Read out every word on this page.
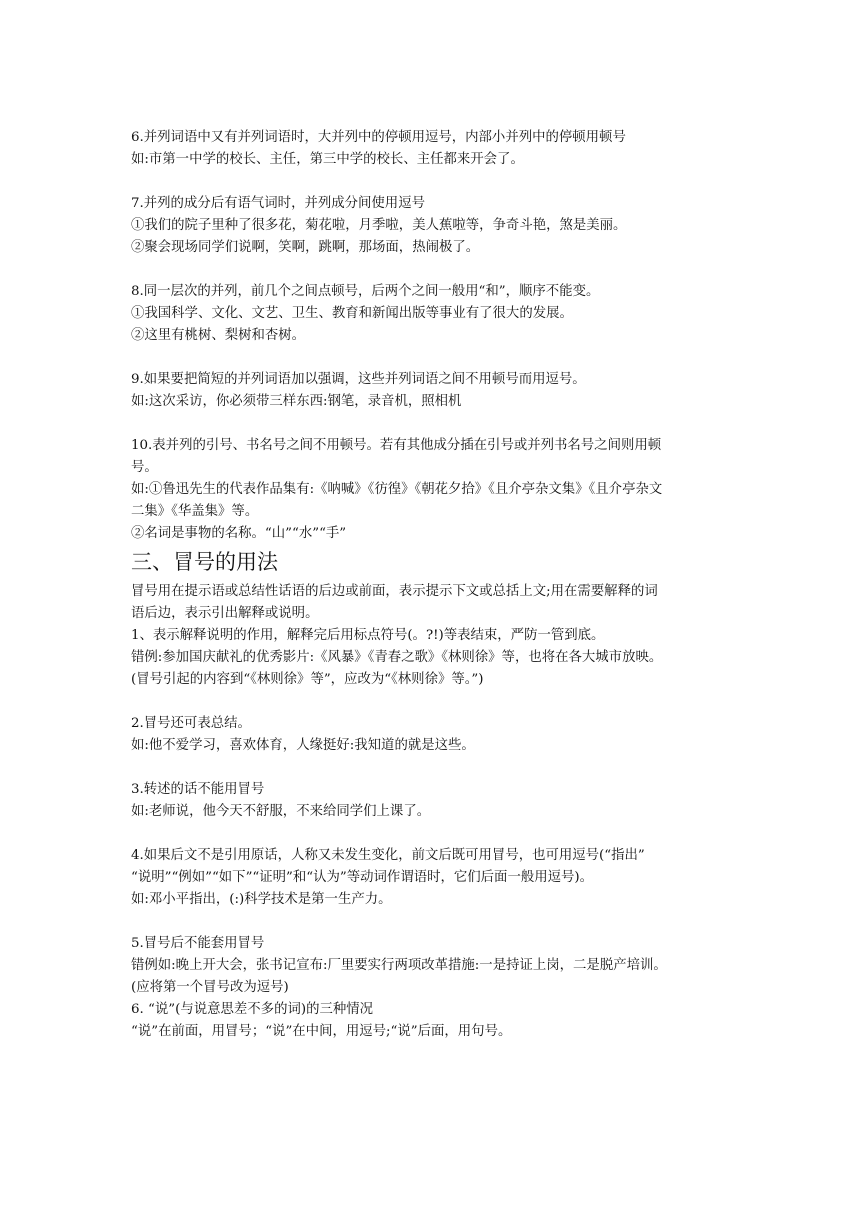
6.并列词语中又有并列词语时，大并列中的停顿用逗号，内部小并列中的停顿用顿号
如:市第一中学的校长、主任，第三中学的校长、主任都来开会了。
7.并列的成分后有语气词时，并列成分间使用逗号
①我们的院子里种了很多花，菊花啦，月季啦，美人蕉啦等，争奇斗艳，煞是美丽。
②聚会现场同学们说啊，笑啊，跳啊，那场面，热闹极了。
8.同一层次的并列，前几个之间点顿号，后两个之间一般用“和”，顺序不能变。
①我国科学、文化、文艺、卫生、教育和新闻出版等事业有了很大的发展。
②这里有桃树、梨树和杏树。
9.如果要把简短的并列词语加以强调，这些并列词语之间不用顿号而用逗号。
如:这次采访，你必须带三样东西:钢笔，录音机，照相机
10.表并列的引号、书名号之间不用顿号。若有其他成分插在引号或并列书名号之间则用顿
号。
如:①鲁迅先生的代表作品集有:《呐喊》《彷徨》《朝花夕拾》《且介亭杂文集》《且介亭杂文
二集》《华盖集》等。
②名词是事物的名称。“山”“水”“手”
三、冒号的用法
冒号用在提示语或总结性话语的后边或前面，表示提示下文或总括上文;用在需要解释的词
语后边，表示引出解释或说明。
1、表示解释说明的作用，解释完后用标点符号(。?!)等表结束，严防一管到底。
错例:参加国庆献礼的优秀影片:《风暴》《青春之歌》《林则徐》等，也将在各大城市放映。
(冒号引起的内容到“《林则徐》等”，应改为“《林则徐》等。”)
2.冒号还可表总结。
如:他不爱学习，喜欢体育，人缘挺好:我知道的就是这些。
3.转述的话不能用冒号
如:老师说，他今天不舒服，不来给同学们上课了。
4.如果后文不是引用原话，人称又未发生变化，前文后既可用冒号，也可用逗号(“指出”
“说明”“例如”“如下”“证明”和“认为”等动词作谓语时，它们后面一般用逗号)。
如:邓小平指出，(:)科学技术是第一生产力。
5.冒号后不能套用冒号
错例如:晚上开大会，张书记宣布:厂里要实行两项改革措施:一是持证上岗，二是脱产培训。
(应将第一个冒号改为逗号)
6. “说”(与说意思差不多的词)的三种情况
“说”在前面，用冒号；“说”在中间，用逗号;“说”后面，用句号。
